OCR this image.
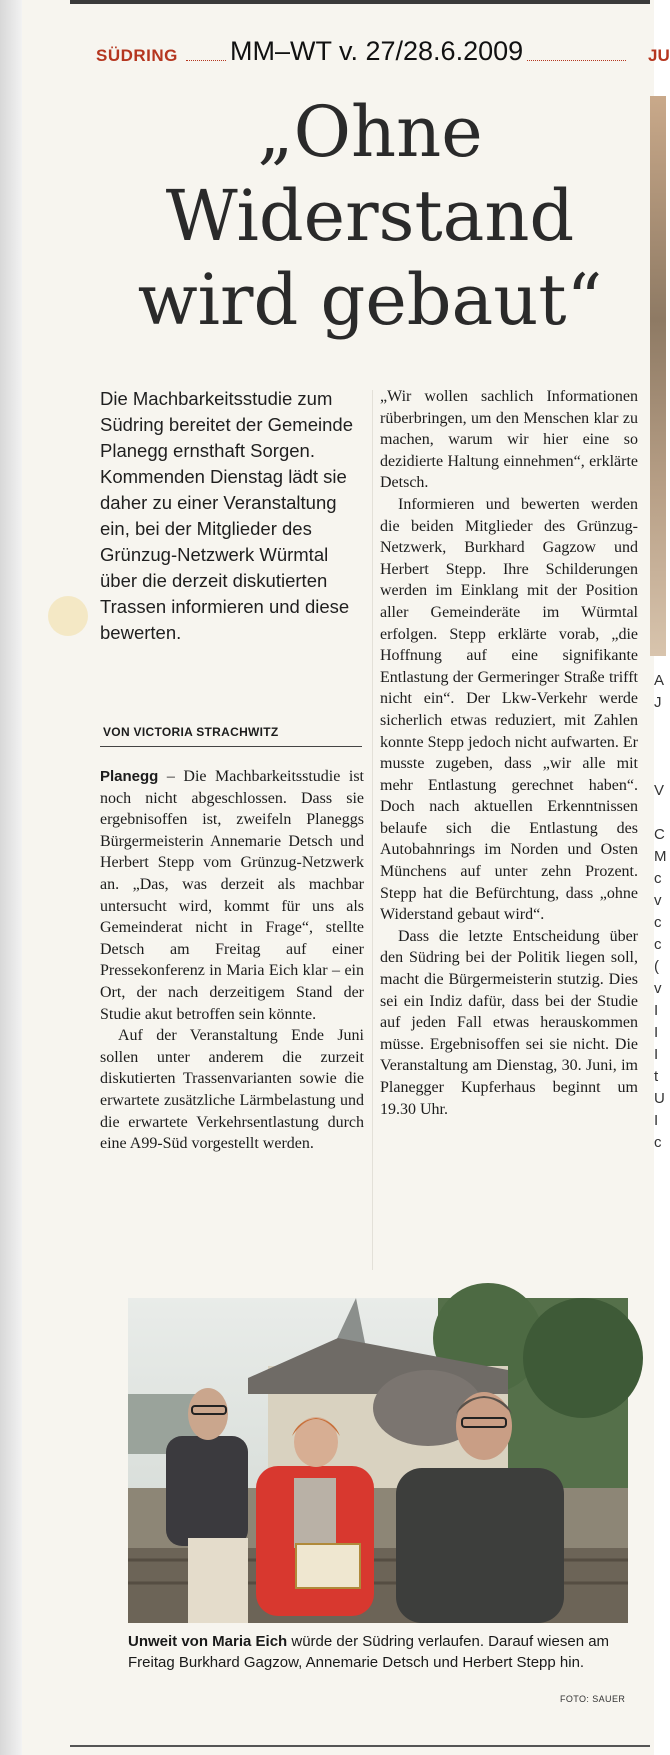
SÜDRING MM–WT v. 27/28.6.2009	JU
„Ohne
Widerstand
wird gebaut“
Die Machbarkeitsstudie zum Südring bereitet der Gemeinde Planegg ernsthaft Sorgen. Kommenden Dienstag lädt sie daher zu einer Veranstaltung ein, bei der Mitglieder des Grünzug-Netzwerk Würmtal über die derzeit diskutierten Trassen informieren und diese bewerten.
VON VICTORIA STRACHWITZ

Planegg – Die Machbarkeitsstudie ist noch nicht abgeschlossen. Dass sie ergebnisoffen ist, zweifeln Planeggs Bürgermeisterin Annemarie Detsch und Herbert Stepp vom Grünzug-Netzwerk an. „Das, was derzeit als machbar untersucht wird, kommt für uns als Gemeinderat nicht in Frage“, stellte Detsch am Freitag auf einer Pressekonferenz in Maria Eich klar – ein Ort, der nach derzeitigem Stand der Studie akut betroffen sein könnte.

Auf der Veranstaltung Ende Juni sollen unter anderem die zurzeit diskutierten Trassenvarianten sowie die erwartete zusätzliche Lärmbelastung und die erwartete Verkehrsentlastung durch eine A99-Süd vorgestellt werden.

„Wir wollen sachlich Informationen rüberbringen, um den Menschen klar zu machen, warum wir hier eine so dezidierte Haltung einnehmen“, erklärte Detsch.

Informieren und bewerten werden die beiden Mitglieder des Grünzug-Netzwerk, Burkhard Gagzow und Herbert Stepp. Ihre Schilderungen werden im Einklang mit der Position aller Gemeinderäte im Würmtal erfolgen. Stepp erklärte vorab, „die Hoffnung auf eine signifikante Entlastung der Germeringer Straße trifft nicht ein“. Der Lkw-Verkehr werde sicherlich etwas reduziert, mit Zahlen konnte Stepp jedoch nicht aufwarten. Er musste zugeben, dass „wir alle mit mehr Entlastung gerechnet haben“. Doch nach aktuellen Erkenntnissen belaufe sich die Entlastung des Autobahnrings im Norden und Osten Münchens auf unter zehn Prozent. Stepp hat die Befürchtung, dass „ohne Widerstand gebaut wird“.

Dass die letzte Entscheidung über den Südring bei der Politik liegen soll, macht die Bürgermeisterin stutzig. Dies sei ein Indiz dafür, dass bei der Studie auf jeden Fall etwas herauskommen müsse. Ergebnisoffen sei sie nicht. Die Veranstaltung am Dienstag, 30. Juni, im Planegger Kupferhaus beginnt um 19.30 Uhr.

A
J
V
C
M
c
v
c
c
(
v
I
I
I
t
U
I
c
Unweit von Maria Eich würde der Südring verlaufen. Darauf wiesen am Freitag Burkhard Gagzow, Annemarie Detsch und Herbert Stepp hin.
FOTO: SAUER
